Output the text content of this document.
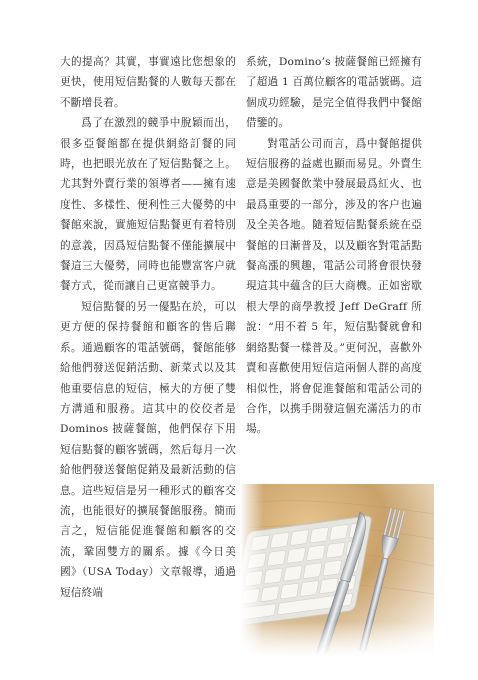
大的提高？其實，事實遠比您想象的更快，使用短信點餐的人數每天都在不斷增長着。

爲了在激烈的競爭中脫穎而出，很多亞餐館都在提供網絡訂餐的同時，也把眼光放在了短信點餐之上。尤其對外賣行業的領導者——擁有速度性、多樣性、便利性三大優勢的中餐館來說，實施短信點餐更有着特別的意義，因爲短信點餐不僅能擴展中餐這三大優勢，同時也能豐富客户就餐方式，從而讓自己更富競爭力。

短信點餐的另一優點在於，可以更方便的保持餐館和顧客的售后聯系。通過顧客的電話號碼，餐館能够給他們發送促銷活動、新菜式以及其他重要信息的短信，極大的方便了雙方溝通和服務。這其中的佼佼者是 Dominos 披薩餐館，他們保存下用短信點餐的顧客號碼，然后每月一次給他們發送餐館促銷及最新活動的信息。這些短信是另一種形式的顧客交流，也能很好的擴展餐館服務。簡而言之，短信能促進餐館和顧客的交流，鞏固雙方的關系。據《今日美國》（USA Today）文章報導，通過短信終端

系統，Domino’s 披薩餐館已經擁有了超過 1 百萬位顧客的電話號碼。這個成功經驗，是完全值得我們中餐館借鑒的。

對電話公司而言，爲中餐館提供短信服務的益處也顯而易見。外賣生意是美國餐飲業中發展最爲紅火、也最爲重要的一部分，涉及的客户也遍及全美各地。隨着短信點餐系統在亞餐館的日漸普及，以及顧客對電話點餐高漲的興趣，電話公司將會很快發現這其中蘊含的巨大商機。正如密歇根大學的商學教授 Jeff DeGraff 所說：“用不着 5 年，短信點餐就會和網絡點餐一樣普及。”更何況，喜歡外賣和喜歡使用短信這兩個人群的高度相似性，將會促進餐館和電話公司的合作，以携手開發這個充滿活力的市場。
